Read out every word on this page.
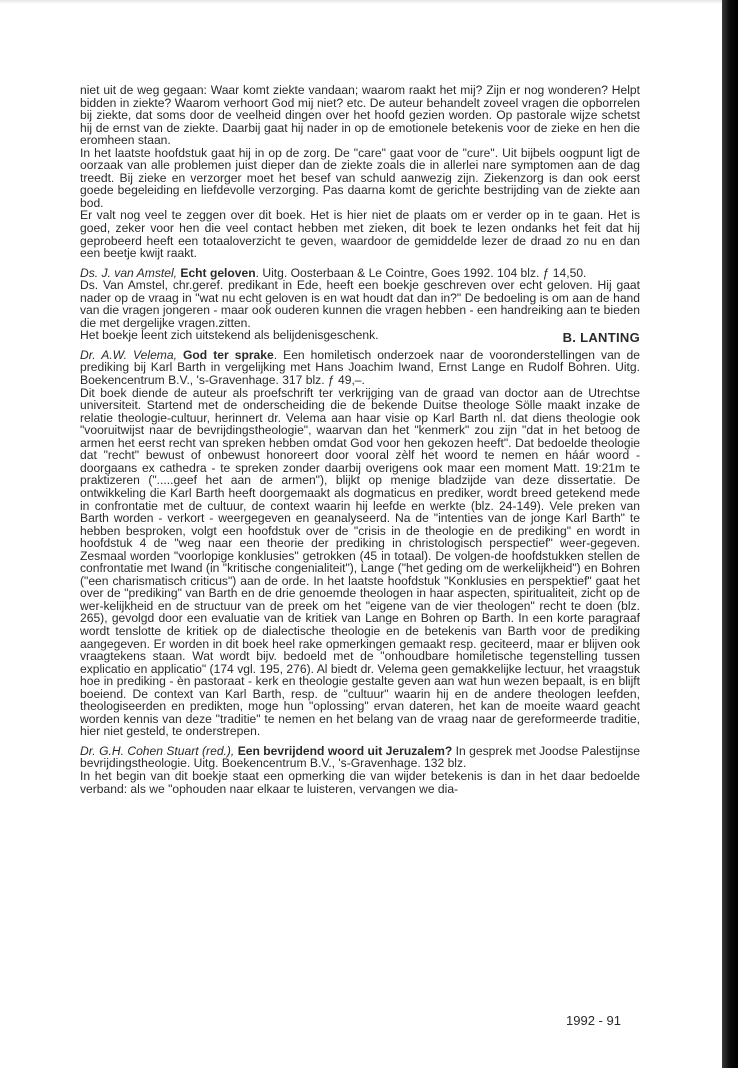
niet uit de weg gegaan: Waar komt ziekte vandaan; waarom raakt het mij? Zijn er nog wonderen? Helpt bidden in ziekte? Waarom verhoort God mij niet? etc. De auteur behandelt zoveel vragen die opborrelen bij ziekte, dat soms door de veelheid dingen over het hoofd gezien worden. Op pastorale wijze schetst hij de ernst van de ziekte. Daarbij gaat hij nader in op de emotionele betekenis voor de zieke en hen die eromheen staan.

In het laatste hoofdstuk gaat hij in op de zorg. De "care" gaat voor de "cure". Uit bijbels oogpunt ligt de oorzaak van alle problemen juist dieper dan de ziekte zoals die in allerlei nare symptomen aan de dag treedt. Bij zieke en verzorger moet het besef van schuld aanwezig zijn. Ziekenzorg is dan ook eerst goede begeleiding en liefdevolle verzorging. Pas daarna komt de gerichte bestrijding van de ziekte aan bod.

Er valt nog veel te zeggen over dit boek. Het is hier niet de plaats om er verder op in te gaan. Het is goed, zeker voor hen die veel contact hebben met zieken, dit boek te lezen ondanks het feit dat hij geprobeerd heeft een totaaloverzicht te geven, waardoor de gemiddelde lezer de draad zo nu en dan een beetje kwijt raakt.

Ds. J. van Amstel, Echt geloven. Uitg. Oosterbaan & Le Cointre, Goes 1992. 104 blz. ƒ 14,50.

Ds. Van Amstel, chr.geref. predikant in Ede, heeft een boekje geschreven over echt geloven. Hij gaat nader op de vraag in "wat nu echt geloven is en wat houdt dat dan in?" De bedoeling is om aan de hand van die vragen jongeren - maar ook ouderen kunnen die vragen hebben - een handreiking aan te bieden die met dergelijke vragen.zitten.

Het boekje leent zich uitstekend als belijdenisgeschenk.	B. LANTING

Dr. A.W. Velema, God ter sprake. Een homiletisch onderzoek naar de vooronderstellingen van de prediking bij Karl Barth in vergelijking met Hans Joachim Iwand, Ernst Lange en Rudolf Bohren. Uitg. Boekencentrum B.V., 's-Gravenhage. 317 blz. ƒ 49,–.

Dit boek diende de auteur als proefschrift ter verkrijging van de graad van doctor aan de Utrechtse universiteit. Startend met de onderscheiding die de bekende Duitse theologe Sölle maakt inzake de relatie theologie-cultuur, herinnert dr. Velema aan haar visie op Karl Barth nl. dat diens theologie ook "vooruitwijst naar de bevrijdingstheologie", waarvan dan het "kenmerk" zou zijn "dat in het betoog de armen het eerst recht van spreken hebben omdat God voor hen gekozen heeft". Dat bedoelde theologie dat "recht" bewust of onbewust honoreert door vooral zèlf het woord te nemen en háár woord - doorgaans ex cathedra - te spreken zonder daarbij overigens ook maar een moment Matt. 19:21m te praktizeren (".....geef het aan de armen"), blijkt op menige bladzijde van deze dissertatie. De ontwikkeling die Karl Barth heeft doorgemaakt als dogmaticus en prediker, wordt breed getekend mede in confrontatie met de cultuur, de context waarin hij leefde en werkte (blz. 24-149). Vele preken van Barth worden - verkort - weergegeven en geanalyseerd. Na de "intenties van de jonge Karl Barth" te hebben besproken, volgt een hoofdstuk over de "crisis in de theologie en de prediking" en wordt in hoofdstuk 4 de "weg naar een theorie der prediking in christologisch perspectief" weer-gegeven. Zesmaal worden "voorlopige konklusies" getrokken (45 in totaal). De volgen-de hoofdstukken stellen de confrontatie met Iwand (in "kritische congenialiteit"), Lange ("het geding om de werkelijkheid") en Bohren ("een charismatisch criticus") aan de orde. In het laatste hoofdstuk "Konklusies en perspektief" gaat het over de "prediking" van Barth en de drie genoemde theologen in haar aspecten, spiritualiteit, zicht op de wer-kelijkheid en de structuur van de preek om het "eigene van de vier theologen" recht te doen (blz. 265), gevolgd door een evaluatie van de kritiek van Lange en Bohren op Barth. In een korte paragraaf wordt tenslotte de kritiek op de dialectische theologie en de betekenis van Barth voor de prediking aangegeven. Er worden in dit boek heel rake opmerkingen gemaakt resp. geciteerd, maar er blijven ook vraagtekens staan. Wat wordt bijv. bedoeld met de "onhoudbare homiletische tegenstelling tussen explicatio en applicatio" (174 vgl. 195, 276). Al biedt dr. Velema geen gemakkelijke lectuur, het vraagstuk hoe in prediking - èn pastoraat - kerk en theologie gestalte geven aan wat hun wezen bepaalt, is en blijft boeiend. De context van Karl Barth, resp. de "cultuur" waarin hij en de andere theologen leefden, theologiseerden en predikten, moge hun "oplossing" ervan dateren, het kan de moeite waard geacht worden kennis van deze "traditie" te nemen en het belang van de vraag naar de gereformeerde traditie, hier niet gesteld, te onderstrepen.

Dr. G.H. Cohen Stuart (red.), Een bevrijdend woord uit Jeruzalem? In gesprek met Joodse Palestijnse bevrijdingstheologie. Uitg. Boekencentrum B.V., 's-Gravenhage. 132 blz.

In het begin van dit boekje staat een opmerking die van wijder betekenis is dan in het daar bedoelde verband: als we "ophouden naar elkaar te luisteren, vervangen we dia-

1992 - 91
